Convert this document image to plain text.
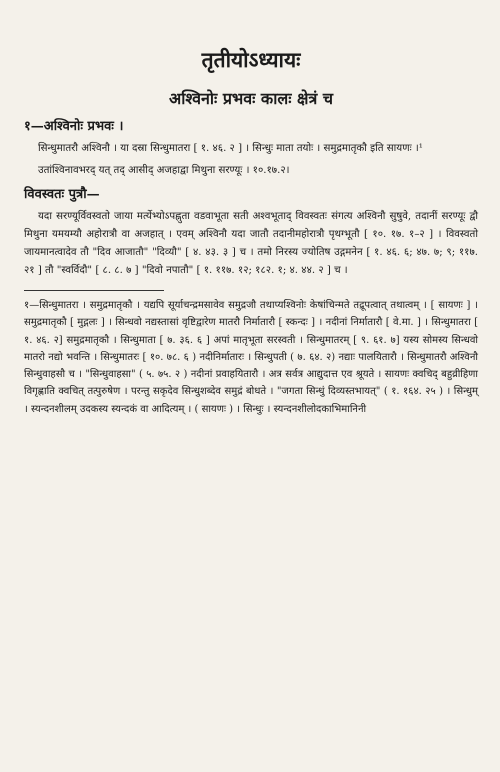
तृतीयोऽध्यायः
अश्विनोः प्रभवः कालः क्षेत्रं च
१—अश्विनोः प्रभवः ।

सिन्धुमातरौ अश्विनौ । या दस्रा सिन्धुमातरा [ १. ४६. २ ] । सिन्धुः माता तयोः । समुद्रमातृकौ इति सायणः ।¹

उतांश्विनावभरद् यत् तद् आसीद् अजहाद्वा मिथुना सरण्यूः । १०.१७.२।

विवस्वतः पुत्रौ—

यदा सरण्यूर्विवस्वतो जाया मर्त्येभ्योऽपह्नुता वडवाभूता सती अश्वभूताद् विवस्वतः संगत्य अश्विनौ सुषुवे, तदानीं सरण्यूः द्वौ मिथुना यमयम्यौ अहोरात्रौ वा अजहात् । एवम् अश्विनौ यदा जातौ तदानीमहोरात्रौ पृथग्भूतौ [ १०. १७. १–२ ] । विवस्वतो जायमानत्वादेव तौ "दिव आजातौ" "दिव्यौ" [ ४. ४३. ३ ] च । तमो निरस्य ज्योतिष उद्गमनेन [ १. ४६. ६; ४७. ७; ९; ११७. २१ ] तौ "स्वर्विदौ" [ ८. ८. ७ ] "दिवो नपातौ" [ १. ११७. १२; १८२. १; ४. ४४. २ ] च ।

१—सिन्धुमातरा । समुद्रमातृकौ । यद्यपि सूर्याचन्द्रमसावेव समुद्रजौ तथाप्यश्विनोः केषांचिन्मते तद्रूपत्वात् तथात्वम् । [ सायणः ] । समुद्रमातृकौ [ मुद्गलः ] । सिन्धवो नद्यस्तासां वृष्टिद्वारेण मातरौ निर्मातारौ [ स्कन्दः ] । नदीनां निर्मातारौ [ वे.मा. ] । सिन्धुमातरा [ १. ४६. २] समुद्रमातृकौ । सिन्धुमाता [ ७. ३६. ६ ] अपां मातृभूता सरस्वती । सिन्धुमातरम् [ ९. ६१. ७] यस्य सोमस्य सिन्धवो मातरो नद्यो भवन्ति । सिन्धुमातरः [ १०. ७८. ६ ) नदीनिर्मातारः । सिन्धुपती ( ७. ६४. २) नद्याः पालयितारौ । सिन्धुमातरौ अश्विनौ सिन्धुवाहसौ च । "सिन्धुवाहसा" ( ५. ७५. २ ) नदीनां प्रवाहयितारौ । अत्र सर्वत्र आद्युदात्त एव श्रूयते । सायणः क्वचिद् बहुव्रीहिणा विगृह्णाति क्वचित् तत्पुरुषेण । परन्तु सकृदेव सिन्धुशब्देव समुद्रं बोधते । "जगता सिन्धुं दिव्यस्तभायत्" ( १. १६४. २५ ) । सिन्धुम् । स्यन्दनशीलम् उदकस्य स्यन्दकं वा आदित्यम् । ( सायणः ) । सिन्धुः । स्यन्दनशीलोदकाभिमानिनी
